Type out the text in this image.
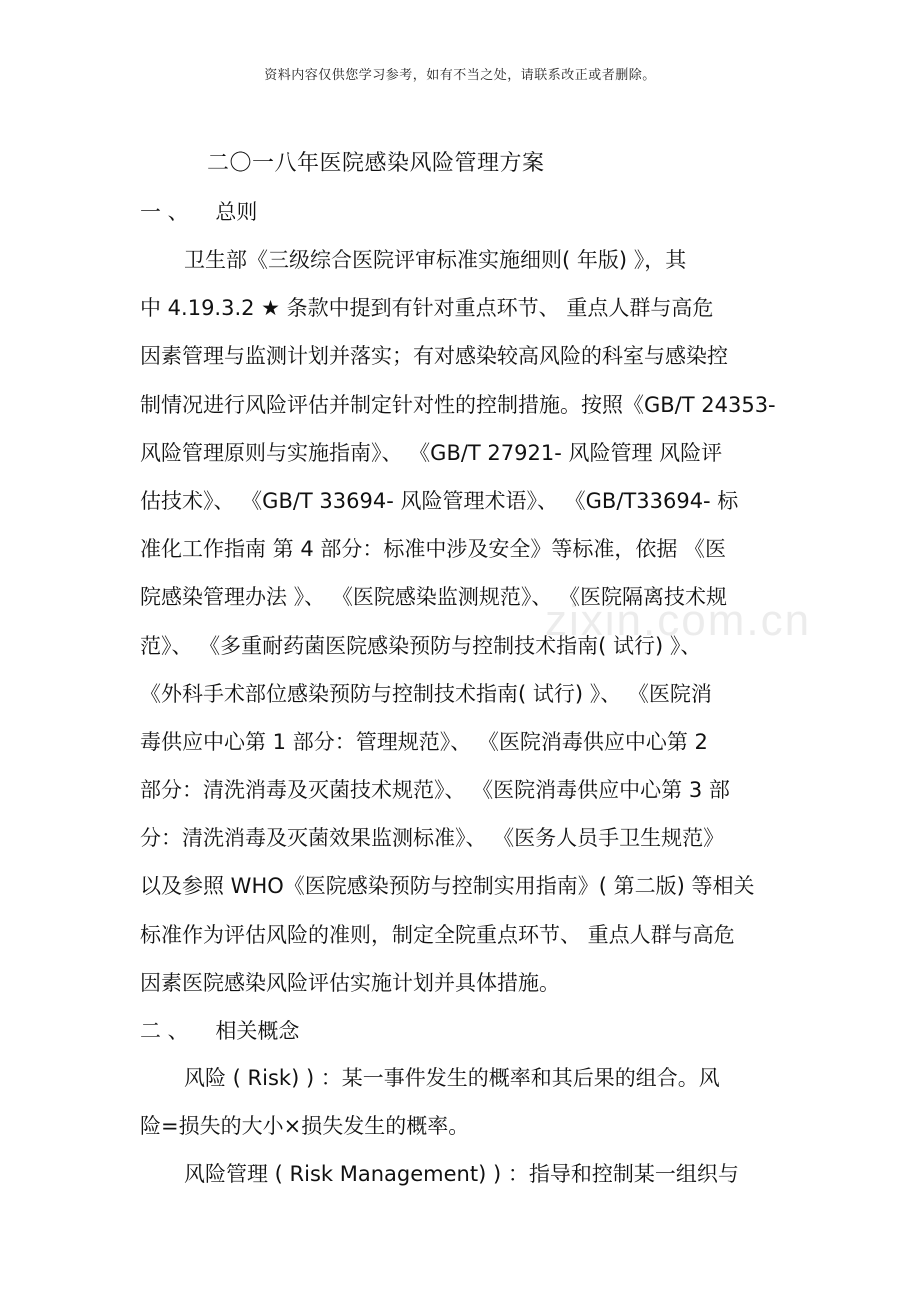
资料内容仅供您学习参考，如有不当之处，请联系改正或者删除。
zixin.com.cn
二〇一八年医院感染风险管理方案
一 、    总则
卫生部《三级综合医院评审标准实施细则( 年版) 》，其
中 4.19.3.2 ★ 条款中提到有针对重点环节、 重点人群与高危
因素管理与监测计划并落实；有对感染较高风险的科室与感染控
制情况进行风险评估并制定针对性的控制措施。按照《GB/T 24353-
风险管理原则与实施指南》、 《GB/T 27921- 风险管理 风险评
估技术》、 《GB/T 33694- 风险管理术语》、 《GB/T33694- 标
准化工作指南 第 4 部分：标准中涉及安全》等标准，依据 《医
院感染管理办法 》、 《医院感染监测规范》、 《医院隔离技术规
范》、 《多重耐药菌医院感染预防与控制技术指南( 试行) 》、
《外科手术部位感染预防与控制技术指南( 试行) 》、 《医院消
毒供应中心第 1 部分：管理规范》、 《医院消毒供应中心第 2
部分：清洗消毒及灭菌技术规范》、 《医院消毒供应中心第 3 部
分：清洗消毒及灭菌效果监测标准》、 《医务人员手卫生规范》
以及参照 WHO《医院感染预防与控制实用指南》( 第二版) 等相关
标准作为评估风险的准则，制定全院重点环节、 重点人群与高危
因素医院感染风险评估实施计划并具体措施。
二 、    相关概念
风险 ( Risk) ) ：某一事件发生的概率和其后果的组合。风
险=损失的大小×损失发生的概率。
风险管理 ( Risk Management) ) ：指导和控制某一组织与
